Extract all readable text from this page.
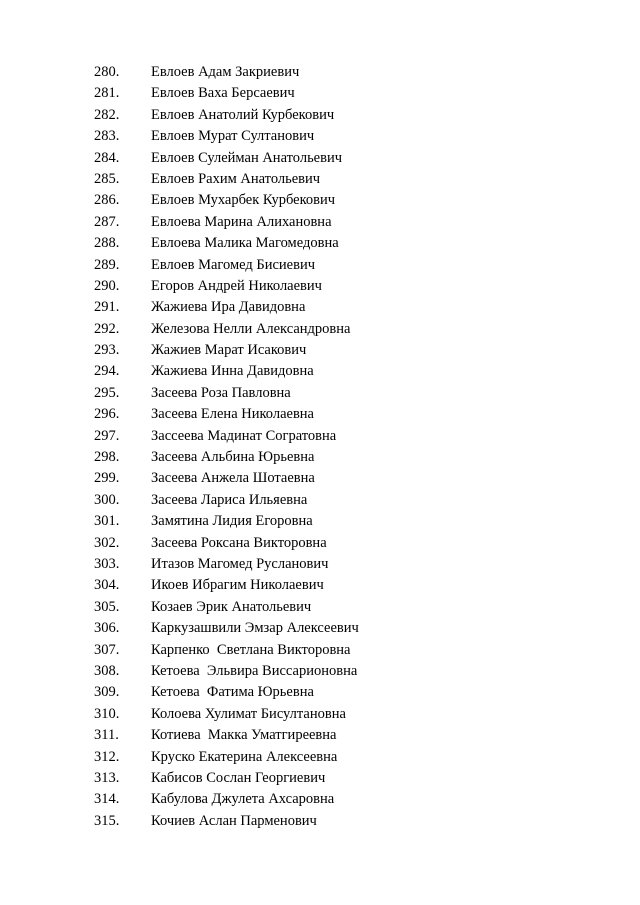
280. Евлоев Адам Закриевич
281. Евлоев Ваха Берсаевич
282. Евлоев Анатолий Курбекович
283. Евлоев Мурат Султанович
284. Евлоев Сулейман Анатольевич
285. Евлоев Рахим Анатольевич
286. Евлоев Мухарбек Курбекович
287. Евлоева Марина Алихановна
288. Евлоева Малика Магомедовна
289. Евлоев Магомед Бисиевич
290. Егоров Андрей Николаевич
291. Жажиева Ира Давидовна
292. Железова Нелли Александровна
293. Жажиев Марат Исакович
294. Жажиева Инна Давидовна
295. Засеева Роза Павловна
296. Засеева Елена Николаевна
297. Зассеева Мадинат Согратовна
298. Засеева Альбина Юрьевна
299. Засеева Анжела Шотаевна
300. Засеева Лариса Ильяевна
301. Замятина Лидия Егоровна
302. Засеева Роксана Викторовна
303. Итазов Магомед Русланович
304. Икоев Ибрагим Николаевич
305. Козаев Эрик Анатольевич
306. Каркузашвили Эмзар Алексеевич
307. Карпенко  Светлана Викторовна
308. Кетоева  Эльвира Виссарионовна
309. Кетоева  Фатима Юрьевна
310. Колоева Хулимат Бисултановна
311. Котиева  Макка Уматгиреевна
312. Круско Екатерина Алексеевна
313. Кабисов Сослан Георгиевич
314. Кабулова Джулета Ахсаровна
315. Кочиев Аслан Парменович
